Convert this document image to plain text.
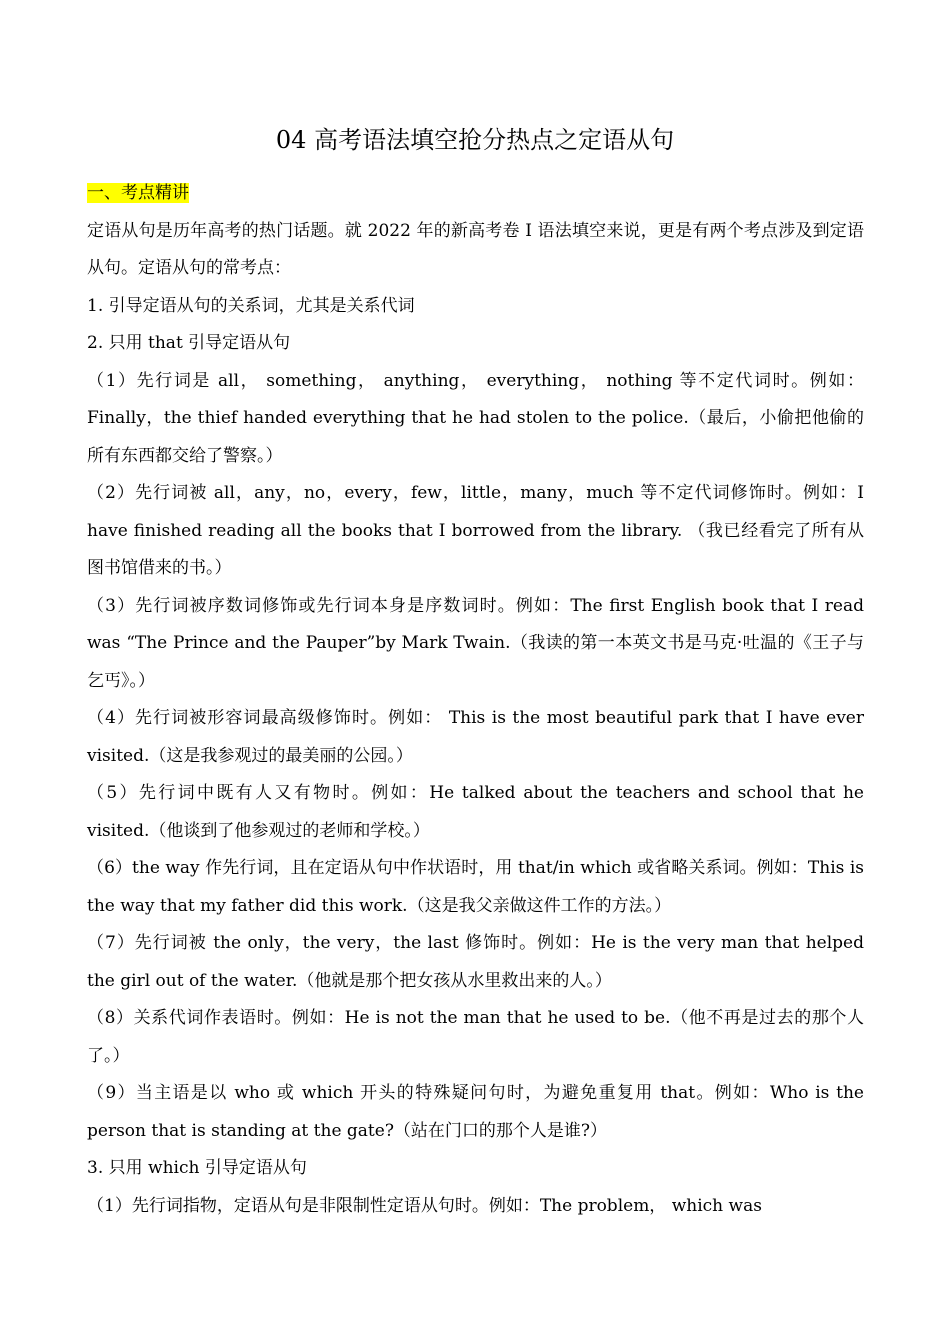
04 高考语法填空抢分热点之定语从句

一、考点精讲

定语从句是历年高考的热门话题。就 2022 年的新高考卷 I 语法填空来说，更是有两个考点涉及到定语从句。定语从句的常考点：

1. 引导定语从句的关系词，尤其是关系代词

2. 只用 that 引导定语从句

（1）先行词是 all， something， anything， everything， nothing 等不定代词时。例如：Finally，the thief handed everything that he had stolen to the police.（最后，小偷把他偷的所有东西都交给了警察。）

（2）先行词被 all，any，no，every，few，little，many，much 等不定代词修饰时。例如：I have finished reading all the books that I borrowed from the library. （我已经看完了所有从图书馆借来的书。）

（3）先行词被序数词修饰或先行词本身是序数词时。例如：The first English book that I read was “The Prince and the Pauper”by Mark Twain.（我读的第一本英文书是马克·吐温的《王子与乞丐》。）

（4）先行词被形容词最高级修饰时。例如： This is the most beautiful park that I have ever visited.（这是我参观过的最美丽的公园。）

（5）先行词中既有人又有物时。例如：He talked about the teachers and school that he visited.（他谈到了他参观过的老师和学校。）

（6）the way 作先行词，且在定语从句中作状语时，用 that/in which 或省略关系词。例如：This is the way that my father did this work.（这是我父亲做这件工作的方法。）

（7）先行词被 the only，the very，the last 修饰时。例如：He is the very man that helped the girl out of the water.（他就是那个把女孩从水里救出来的人。）

（8）关系代词作表语时。例如：He is not the man that he used to be.（他不再是过去的那个人了。）

（9）当主语是以 who 或 which 开头的特殊疑问句时，为避免重复用 that。例如：Who is the person that is standing at the gate?（站在门口的那个人是谁?）

3. 只用 which 引导定语从句

（1）先行词指物，定语从句是非限制性定语从句时。例如：The problem， which was
